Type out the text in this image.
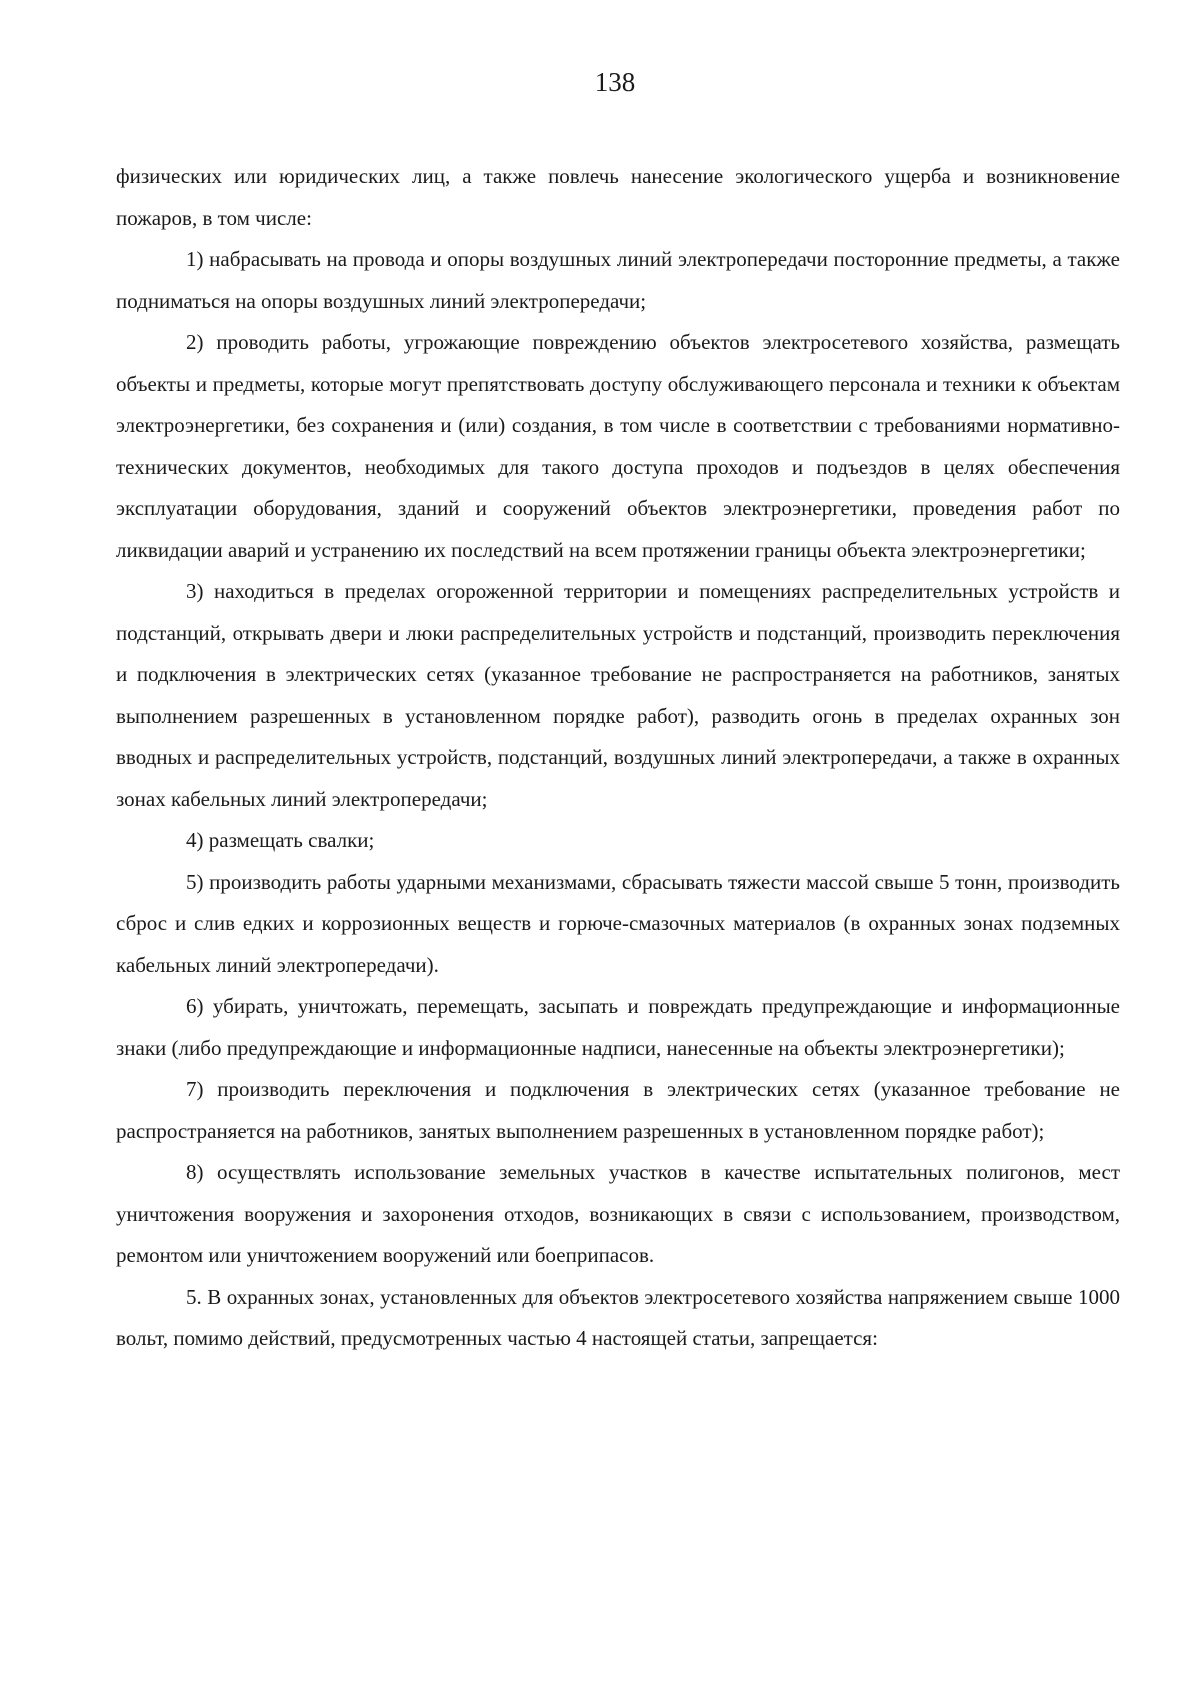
138

физических или юридических лиц, а также повлечь нанесение экологического ущерба и возникновение пожаров, в том числе:

1) набрасывать на провода и опоры воздушных линий электропередачи посторонние предметы, а также подниматься на опоры воздушных линий электропередачи;

2) проводить работы, угрожающие повреждению объектов электросетевого хозяйства, размещать объекты и предметы, которые могут препятствовать доступу обслуживающего персонала и техники к объектам электроэнергетики, без сохранения и (или) создания, в том числе в соответствии с требованиями нормативно-технических документов, необходимых для такого доступа проходов и подъездов в целях обеспечения эксплуатации оборудования, зданий и сооружений объектов электроэнергетики, проведения работ по ликвидации аварий и устранению их последствий на всем протяжении границы объекта электроэнергетики;

3) находиться в пределах огороженной территории и помещениях распределительных устройств и подстанций, открывать двери и люки распределительных устройств и подстанций, производить переключения и подключения в электрических сетях (указанное требование не распространяется на работников, занятых выполнением разрешенных в установленном порядке работ), разводить огонь в пределах охранных зон вводных и распределительных устройств, подстанций, воздушных линий электропередачи, а также в охранных зонах кабельных линий электропередачи;

4) размещать свалки;

5) производить работы ударными механизмами, сбрасывать тяжести массой свыше 5 тонн, производить сброс и слив едких и коррозионных веществ и горюче-смазочных материалов (в охранных зонах подземных кабельных линий электропередачи).

6) убирать, уничтожать, перемещать, засыпать и повреждать предупреждающие и информационные знаки (либо предупреждающие и информационные надписи, нанесенные на объекты электроэнергетики);

7) производить переключения и подключения в электрических сетях (указанное требование не распространяется на работников, занятых выполнением разрешенных в установленном порядке работ);

8) осуществлять использование земельных участков в качестве испытательных полигонов, мест уничтожения вооружения и захоронения отходов, возникающих в связи с использованием, производством, ремонтом или уничтожением вооружений или боеприпасов.

5. В охранных зонах, установленных для объектов электросетевого хозяйства напряжением свыше 1000 вольт, помимо действий, предусмотренных частью 4 настоящей статьи, запрещается:
